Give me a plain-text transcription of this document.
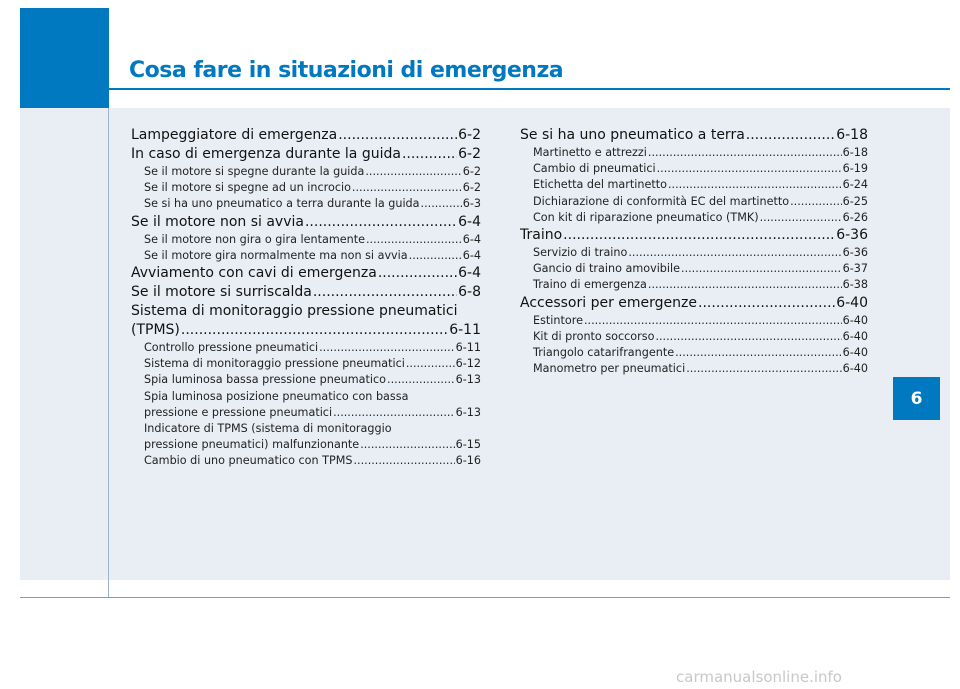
Cosa fare in situazioni di emergenza
6
Lampeggiatore di emergenza .....	6-2
In caso di emergenza durante la guida .....	6-2
Se il motore si spegne durante la guida .....	6-2
Se il motore si spegne ad un incrocio .....	6-2
Se si ha uno pneumatico a terra durante la guida .....	6-3
Se il motore non si avvia .....	6-4
Se il motore non gira o gira lentamente .....	6-4
Se il motore gira normalmente ma non si avvia .....	6-4
Avviamento con cavi di emergenza .....	6-4
Se il motore si surriscalda .....	6-8
Sistema di monitoraggio pressione pneumatici
(TPMS) .....	6-11
Controllo pressione pneumatici .....	6-11
Sistema di monitoraggio pressione pneumatici .....	6-12
Spia luminosa bassa pressione pneumatico .....	6-13
Spia luminosa posizione pneumatico con bassa
pressione e pressione pneumatici .....	6-13
Indicatore di TPMS (sistema di monitoraggio
pressione pneumatici) malfunzionante .....	6-15
Cambio di uno pneumatico con TPMS .....	6-16
Se si ha uno pneumatico a terra .....	6-18
Martinetto e attrezzi .....	6-18
Cambio di pneumatici .....	6-19
Etichetta del martinetto .....	6-24
Dichiarazione di conformità EC del martinetto .....	6-25
Con kit di riparazione pneumatico (TMK) .....	6-26
Traino .....	6-36
Servizio di traino .....	6-36
Gancio di traino amovibile .....	6-37
Traino di emergenza .....	6-38
Accessori per emergenze .....	6-40
Estintore .....	6-40
Kit di pronto soccorso .....	6-40
Triangolo catarifrangente .....	6-40
Manometro per pneumatici .....	6-40
carmanualsonline.info
